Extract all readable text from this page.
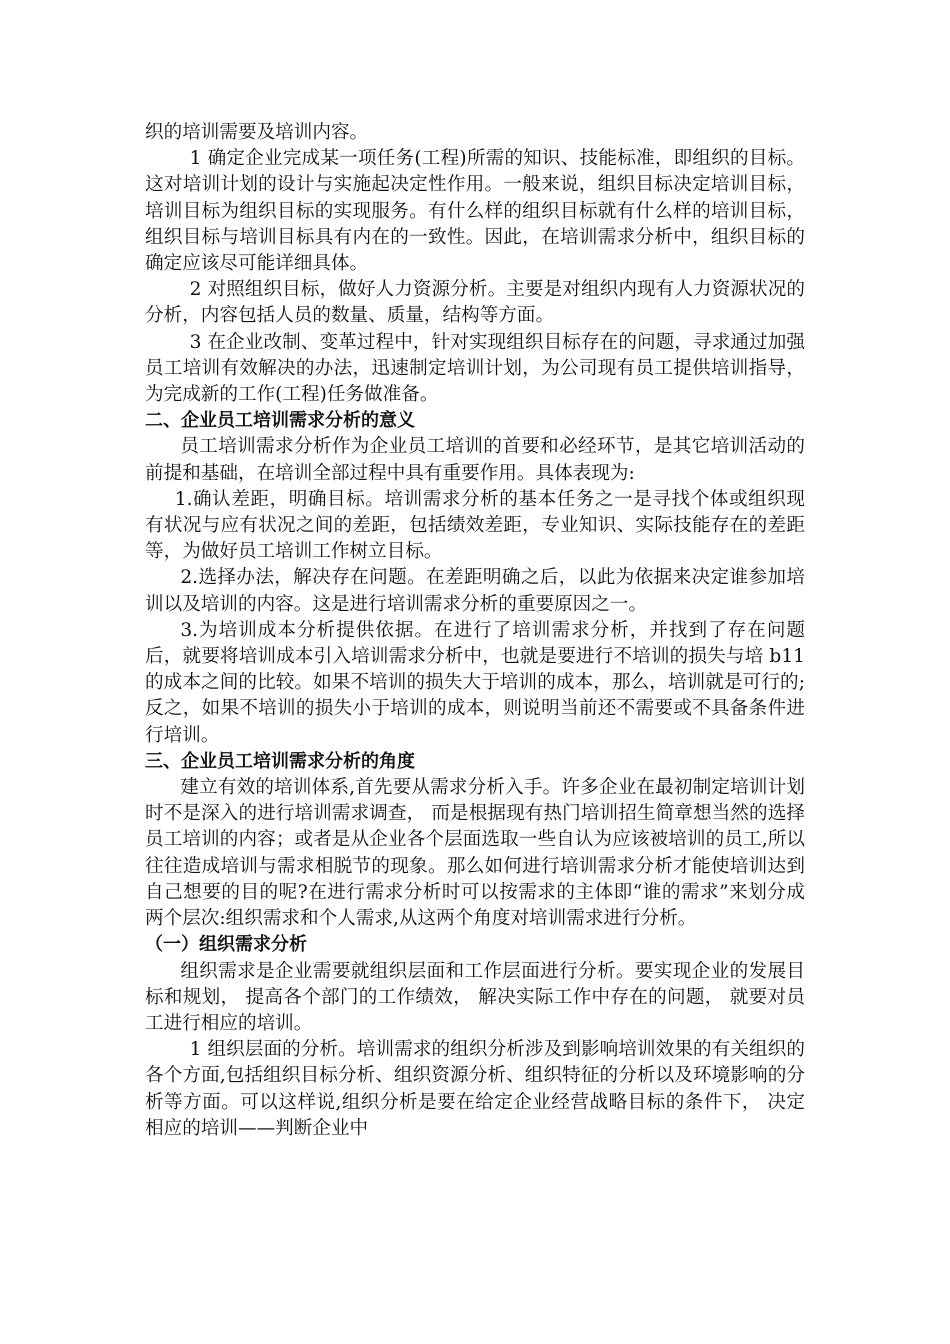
织的培训需要及培训内容。

1 确定企业完成某一项任务(工程)所需的知识、技能标准，即组织的目标。这对培训计划的设计与实施起决定性作用。一般来说，组织目标决定培训目标，培训目标为组织目标的实现服务。有什么样的组织目标就有什么样的培训目标，组织目标与培训目标具有内在的一致性。因此，在培训需求分析中，组织目标的确定应该尽可能详细具体。

2 对照组织目标，做好人力资源分析。主要是对组织内现有人力资源状况的分析，内容包括人员的数量、质量，结构等方面。

3 在企业改制、变革过程中，针对实现组织目标存在的问题，寻求通过加强员工培训有效解决的办法，迅速制定培训计划，为公司现有员工提供培训指导，为完成新的工作(工程)任务做准备。

二、企业员工培训需求分析的意义

员工培训需求分析作为企业员工培训的首要和必经环节，是其它培训活动的前提和基础，在培训全部过程中具有重要作用。具体表现为:

1.确认差距，明确目标。培训需求分析的基本任务之一是寻找个体或组织现有状况与应有状况之间的差距，包括绩效差距，专业知识、实际技能存在的差距等，为做好员工培训工作树立目标。

2.选择办法，解决存在问题。在差距明确之后，以此为依据来决定谁参加培训以及培训的内容。这是进行培训需求分析的重要原因之一。

3.为培训成本分析提供依据。在进行了培训需求分析，并找到了存在问题后，就要将培训成本引入培训需求分析中，也就是要进行不培训的损失与培 b11 的成本之间的比较。如果不培训的损失大于培训的成本，那么，培训就是可行的;反之，如果不培训的损失小于培训的成本，则说明当前还不需要或不具备条件进行培训。

三、企业员工培训需求分析的角度

建立有效的培训体系,首先要从需求分析入手。许多企业在最初制定培训计划时不是深入的进行培训需求调查， 而是根据现有热门培训招生简章想当然的选择员工培训的内容；或者是从企业各个层面选取一些自认为应该被培训的员工,所以往往造成培训与需求相脱节的现象。那么如何进行培训需求分析才能使培训达到自己想要的目的呢?在进行需求分析时可以按需求的主体即“谁的需求”来划分成两个层次:组织需求和个人需求,从这两个角度对培训需求进行分析。

（一）组织需求分析

组织需求是企业需要就组织层面和工作层面进行分析。要实现企业的发展目标和规划， 提高各个部门的工作绩效， 解决实际工作中存在的问题， 就要对员工进行相应的培训。

1 组织层面的分析。培训需求的组织分析涉及到影响培训效果的有关组织的各个方面,包括组织目标分析、组织资源分析、组织特征的分析以及环境影响的分析等方面。可以这样说,组织分析是要在给定企业经营战略目标的条件下， 决定相应的培训——判断企业中
